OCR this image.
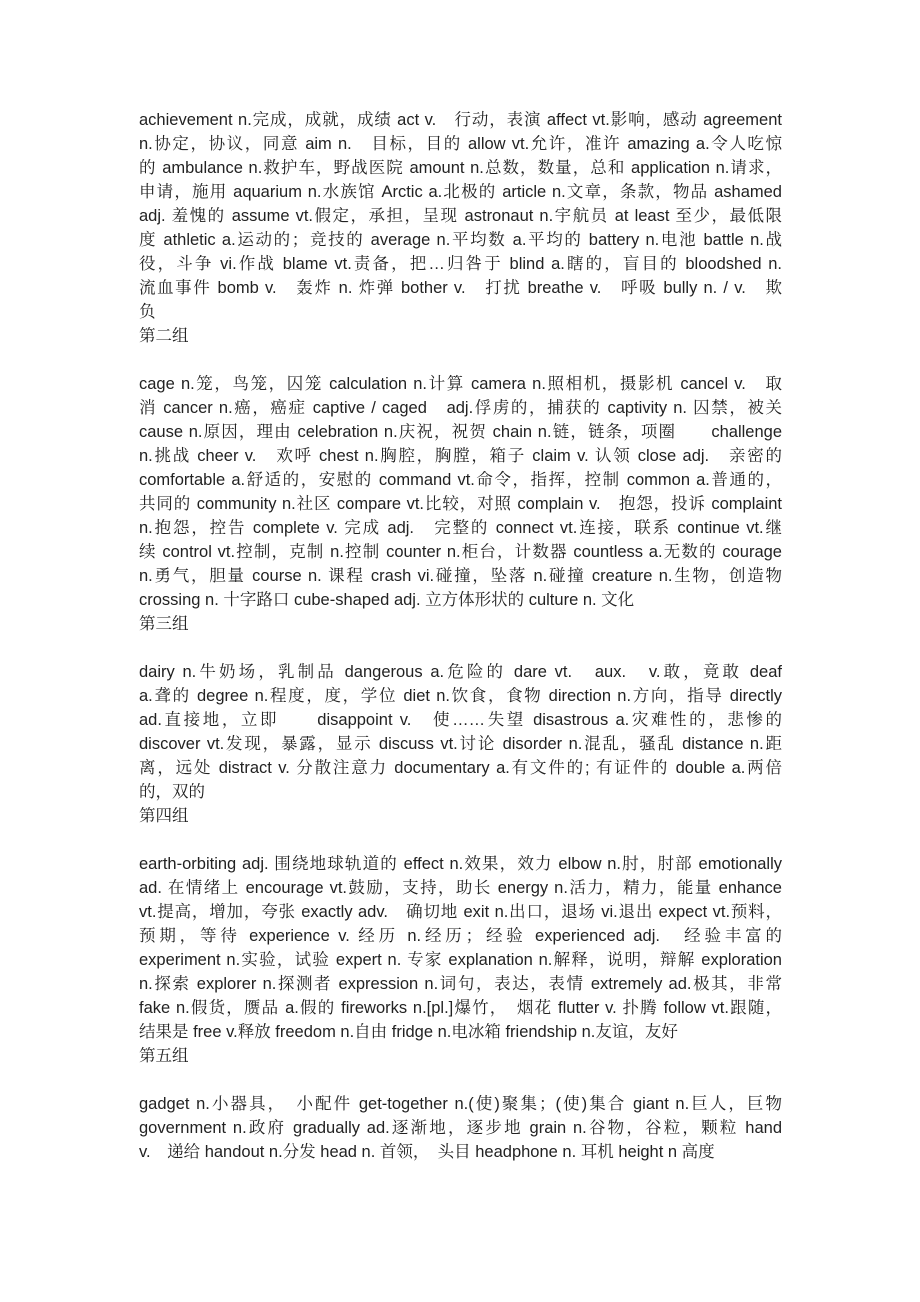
achievement n.完成，成就，成绩 act v.　行动，表演 affect vt.影响，感动 agreement
n.协定，协议，同意 aim n.　目标，目的 allow vt.允许，准许 amazing a.令人吃惊
的 ambulance n.救护车，野战医院 amount n.总数，数量，总和 application n.请求，
申请，施用 aquarium n.水族馆 Arctic a.北极的 article n.文章，条款，物品 ashamed
adj. 羞愧的 assume vt.假定，承担，呈现 astronaut n.宇航员 at least 至少，最低限
度 athletic a.运动的；竞技的 average n.平均数 a.平均的 battery n.电池 battle n.战
役，斗争 vi.作战 blame vt.责备，把…归咎于 blind a.瞎的，盲目的 bloodshed n.
流血事件 bomb v.　轰炸 n. 炸弹 bother v.　打扰 breathe v.　呼吸 bully n. / v.　欺
负
第二组
cage n.笼，鸟笼，囚笼 calculation n.计算 camera n.照相机，摄影机 cancel v.　取
消 cancer n.癌，癌症 captive / caged　adj.俘虏的，捕获的 captivity n. 囚禁，被关
cause n.原因，理由 celebration n.庆祝，祝贺 chain n.链，链条，项圈　　challenge
n.挑战 cheer v.　欢呼 chest n.胸腔，胸膛，箱子 claim v. 认领 close adj.　亲密的
comfortable a.舒适的，安慰的 command vt.命令，指挥，控制 common a.普通的，
共同的 community n.社区 compare vt.比较，对照 complain v.　抱怨，投诉 complaint
n.抱怨，控告 complete v. 完成 adj.　完整的 connect vt.连接，联系 continue vt.继
续 control vt.控制，克制 n.控制 counter n.柜台，计数器 countless a.无数的 courage
n.勇气，胆量 course n. 课程 crash vi.碰撞，坠落 n.碰撞 creature n.生物，创造物
crossing n. 十字路口 cube-shaped adj. 立方体形状的 culture n. 文化
第三组
dairy n.牛奶场，乳制品 dangerous a.危险的 dare vt.　aux.　v.敢，竟敢 deaf
a.聋的 degree n.程度，度，学位 diet n.饮食，食物 direction n.方向，指导 directly
ad.直接地，立即　　disappoint v.　使……失望 disastrous a.灾难性的，悲惨的
discover vt.发现，暴露，显示 discuss vt.讨论 disorder n.混乱，骚乱 distance n.距
离，远处 distract v. 分散注意力 documentary a.有文件的; 有证件的 double a.两倍
的，双的
第四组
earth-orbiting adj. 围绕地球轨道的 effect n.效果，效力 elbow n.肘，肘部 emotionally
ad. 在情绪上 encourage vt.鼓励，支持，助长 energy n.活力，精力，能量 enhance
vt.提高，增加，夸张 exactly adv.　确切地 exit n.出口，退场 vi.退出 expect vt.预料，
预期，等待 experience v. 经历 n.经历；经验 experienced adj.　经验丰富的
experiment n.实验，试验 expert n. 专家 explanation n.解释，说明，辩解 exploration
n.探索 explorer n.探测者 expression n.词句，表达，表情 extremely ad.极其，非常
fake n.假货，赝品 a.假的 fireworks n.[pl.]爆竹，　烟花 flutter v. 扑腾 follow vt.跟随，
结果是 free v.释放 freedom n.自由 fridge n.电冰箱 friendship n.友谊，友好
第五组
gadget n.小器具，　小配件 get-together n.(使)聚集；(使)集合 giant n.巨人，巨物
government n.政府 gradually ad.逐渐地，逐步地 grain n.谷物，谷粒，颗粒 hand
v.　递给 handout n.分发 head n. 首领，　头目 headphone n. 耳机 height n 高度
